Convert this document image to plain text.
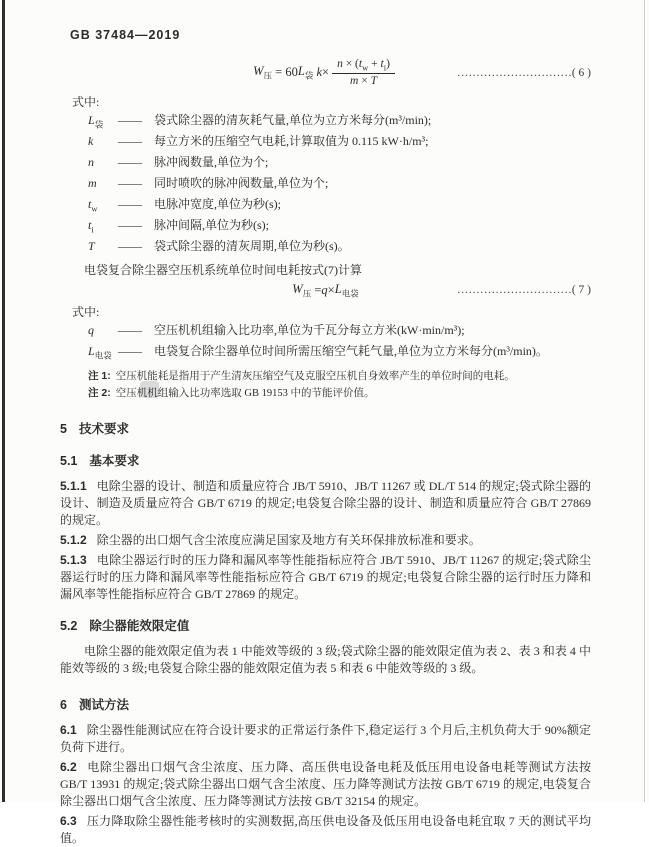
GB 37484—2019
$W_压 = 60$ $L_袋$ $k \times \frac{n \times (t_w + t_i)}{m \times T}$	…………………………( 6 )
式中:
$L_袋$	——	袋式除尘器的清灰耗气量,单位为立方米每分(m³/min);
k	——	每立方米的压缩空气电耗,计算取值为 0.115 kW·h/m³;
n	——	脉冲阀数量,单位为个;
m	——	同时喷吹的脉冲阀数量,单位为个;
$t_w$	——	电脉冲宽度,单位为秒(s);
$t_i$	——	脉冲间隔,单位为秒(s);
T	——	袋式除尘器的清灰周期,单位为秒(s)。
电袋复合除尘器空压机系统单位时间电耗按式(7)计算
$W_压 = q \times L_{电袋}$	…………………………( 7 )
式中:
q	——	空压机机组输入比功率,单位为千瓦分每立方米(kW·min/m³);
$L_{电袋}$ ——	电袋复合除尘器单位时间所需压缩空气耗气量,单位为立方米每分(m³/min)。
注 1: 空压机能耗是指用于产生清灰压缩空气及克服空压机自身效率产生的单位时间的电耗。
注 2: 空压机机组输入比功率选取 GB 19153 中的节能评价值。
5 技术要求
5.1 基本要求
5.1.1 电除尘器的设计、制造和质量应符合 JB/T 5910、JB/T 11267 或 DL/T 514 的规定;袋式除尘器的设计、制造及质量应符合 GB/T 6719 的规定;电袋复合除尘器的设计、制造和质量应符合 GB/T 27869 的规定。
5.1.2 除尘器的出口烟气含尘浓度应满足国家及地方有关环保排放标准和要求。
5.1.3 电除尘器运行时的压力降和漏风率等性能指标应符合 JB/T 5910、JB/T 11267 的规定;袋式除尘器运行时的压力降和漏风率等性能指标应符合 GB/T 6719 的规定;电袋复合除尘器的运行时压力降和漏风率等性能指标应符合 GB/T 27869 的规定。
5.2 除尘器能效限定值
电除尘器的能效限定值为表 1 中能效等级的 3 级;袋式除尘器的能效限定值为表 2、表 3 和表 4 中能效等级的 3 级;电袋复合除尘器的能效限定值为表 5 和表 6 中能效等级的 3 级。
6 测试方法
6.1 除尘器性能测试应在符合设计要求的正常运行条件下,稳定运行 3 个月后,主机负荷大于 90%额定负荷下进行。
6.2 电除尘器出口烟气含尘浓度、压力降、高压供电设备电耗及低压用电设备电耗等测试方法按 GB/T 13931 的规定;袋式除尘器出口烟气含尘浓度、压力降等测试方法按 GB/T 6719 的规定,电袋复合除尘器出口烟气含尘浓度、压力降等测试方法按 GB/T 32154 的规定。
6.3 压力降取除尘器性能考核时的实测数据,高压供电设备及低压用电设备电耗宜取 7 天的测试平均值。
